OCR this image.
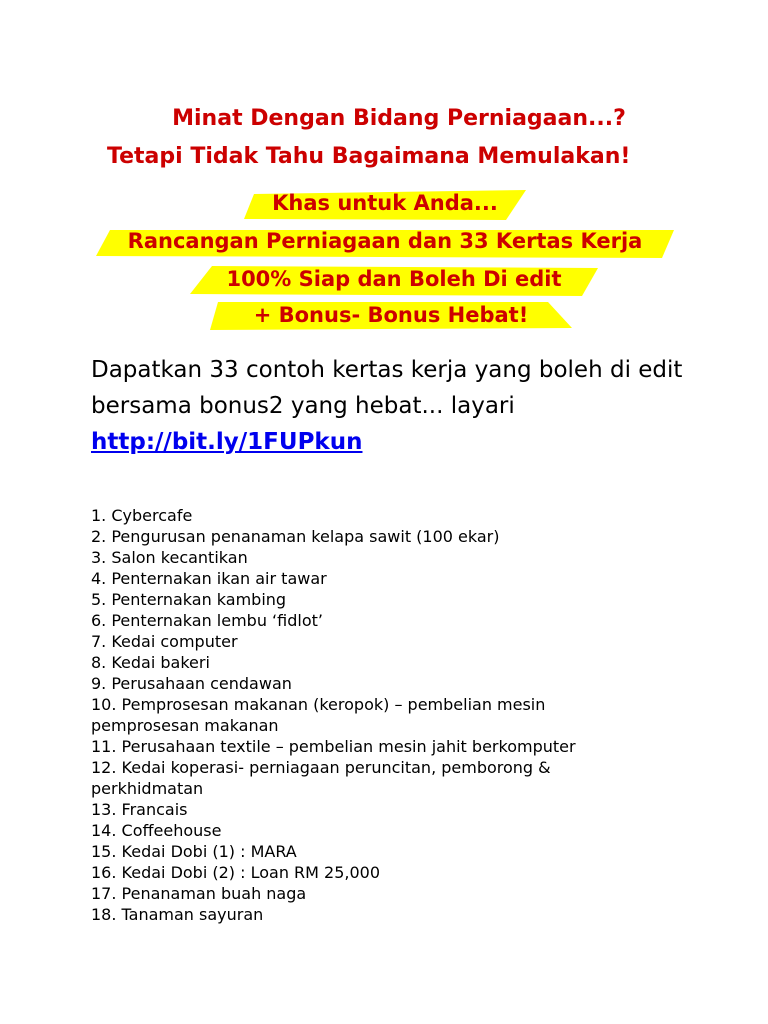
Minat Dengan Bidang Perniagaan...?
Tetapi Tidak Tahu Bagaimana Memulakan!
Khas untuk Anda...
Rancangan Perniagaan dan 33 Kertas Kerja
100% Siap dan Boleh Di edit
+ Bonus- Bonus Hebat!
Dapatkan 33 contoh kertas kerja yang boleh di edit bersama bonus2 yang hebat... layari http://bit.ly/1FUPkun
1. Cybercafe
2. Pengurusan penanaman kelapa sawit (100 ekar)
3. Salon kecantikan
4. Penternakan ikan air tawar
5. Penternakan kambing
6. Penternakan lembu ‘fidlot’
7. Kedai computer
8. Kedai bakeri
9. Perusahaan cendawan
10. Pemprosesan makanan (keropok) – pembelian mesin pemprosesan makanan
11. Perusahaan textile – pembelian mesin jahit berkomputer
12. Kedai koperasi- perniagaan peruncitan, pemborong & perkhidmatan
13. Francais
14. Coffeehouse
15. Kedai Dobi (1) : MARA
16. Kedai Dobi (2) : Loan RM 25,000
17. Penanaman buah naga
18. Tanaman sayuran
